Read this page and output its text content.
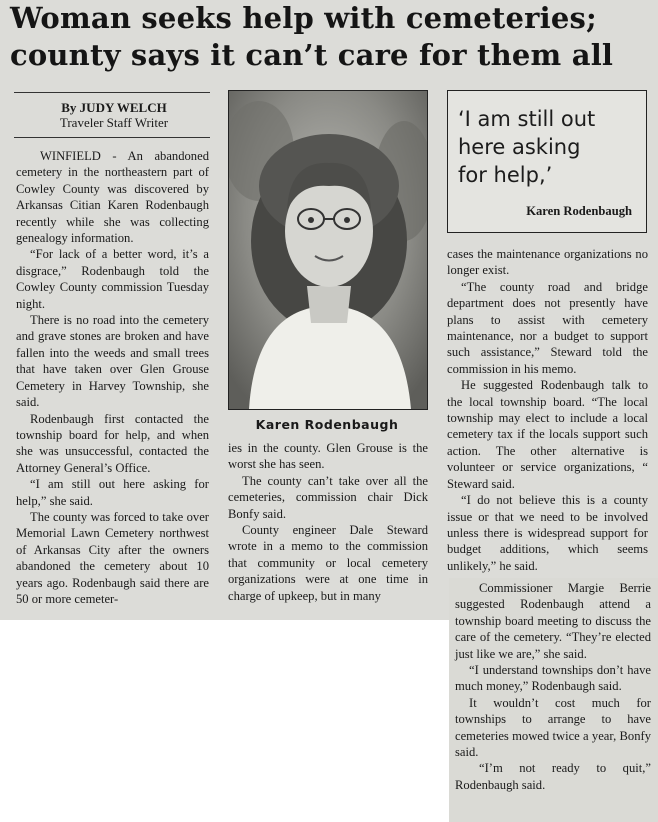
Woman seeks help with cemeteries;
county says it can’t care for them all
By JUDY WELCH
Traveler Staff Writer

WINFIELD - An abandoned cemetery in the northeastern part of Cowley County was discovered by Arkansas Citian Karen Rodenbaugh recently while she was collecting genealogy information.

“For lack of a better word, it’s a disgrace,” Rodenbaugh told the Cowley County commission Tuesday night.

There is no road into the cemetery and grave stones are broken and have fallen into the weeds and small trees that have taken over Glen Grouse Cemetery in Harvey Township, she said.

Rodenbaugh first contacted the township board for help, and when she was unsuccessful, contacted the Attorney General’s Office.

“I am still out here asking for help,” she said.

The county was forced to take over Memorial Lawn Cemetery northwest of Arkansas City after the owners abandoned the cemetery about 10 years ago. Rodenbaugh said there are 50 or more cemeter-

Karen Rodenbaugh

ies in the county. Glen Grouse is the worst she has seen.

The county can’t take over all the cemeteries, commission chair Dick Bonfy said.

County engineer Dale Steward wrote in a memo to the commission that community or local cemetery organizations were at one time in charge of upkeep, but in many

‘I am still out
here asking
for help,’
Karen Rodenbaugh

cases the maintenance organizations no longer exist.

“The county road and bridge department does not presently have plans to assist with cemetery maintenance, nor a budget to support such assistance,” Steward told the commission in his memo.

He suggested Rodenbaugh talk to the local township board. “The local township may elect to include a local cemetery tax if the locals support such action. The other alternative is volunteer or service organizations, “ Steward said.

“I do not believe this is a county issue or that we need to be involved unless there is widespread support for budget additions, which seems unlikely,” he said.

Commissioner Margie Berrie suggested Rodenbaugh attend a township board meeting to discuss the care of the cemetery. “They’re elected just like we are,” she said.

“I understand townships don’t have much money,” Rodenbaugh said.

It wouldn’t cost much for townships to arrange to have cemeteries mowed twice a year, Bonfy said.

“I’m not ready to quit,” Rodenbaugh said.
